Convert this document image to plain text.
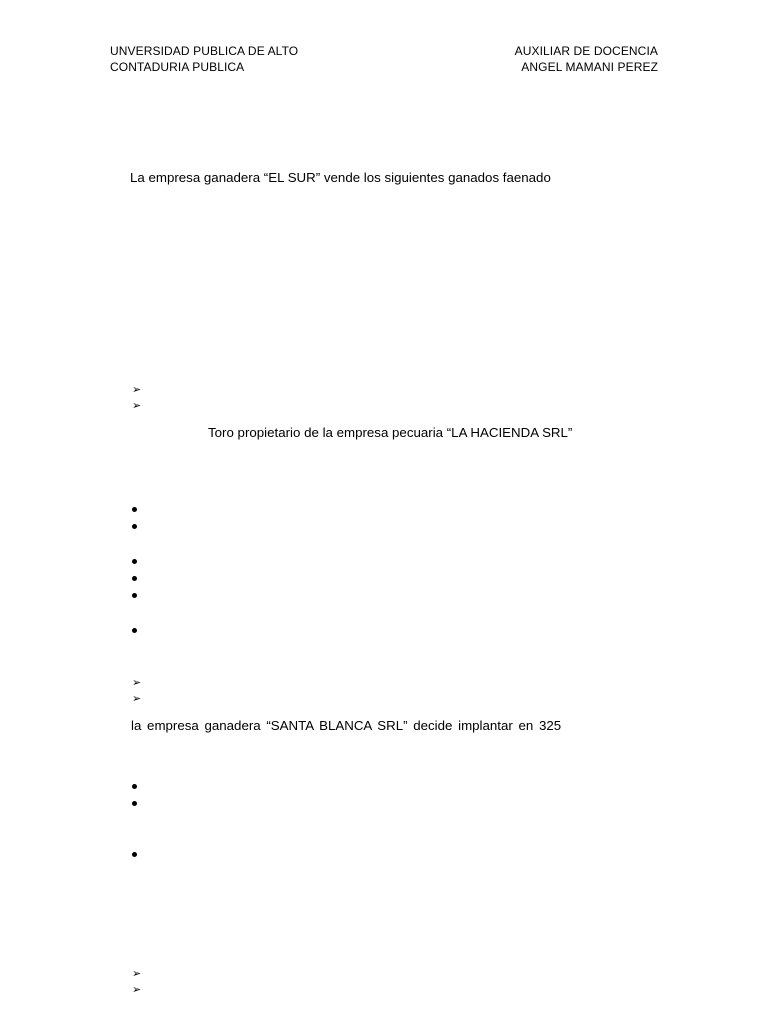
UNVERSIDAD PUBLICA DE ALTO
CONTADURIA PUBLICA
AUXILIAR DE DOCENCIA
ANGEL MAMANI PEREZ
La empresa ganadera “EL SUR” vende los siguientes ganados faenado
➢
➢
Toro propietario de la empresa pecuaria “LA HACIENDA SRL”
➢
➢
la empresa ganadera “SANTA BLANCA SRL” decide implantar en 325
➢
➢
